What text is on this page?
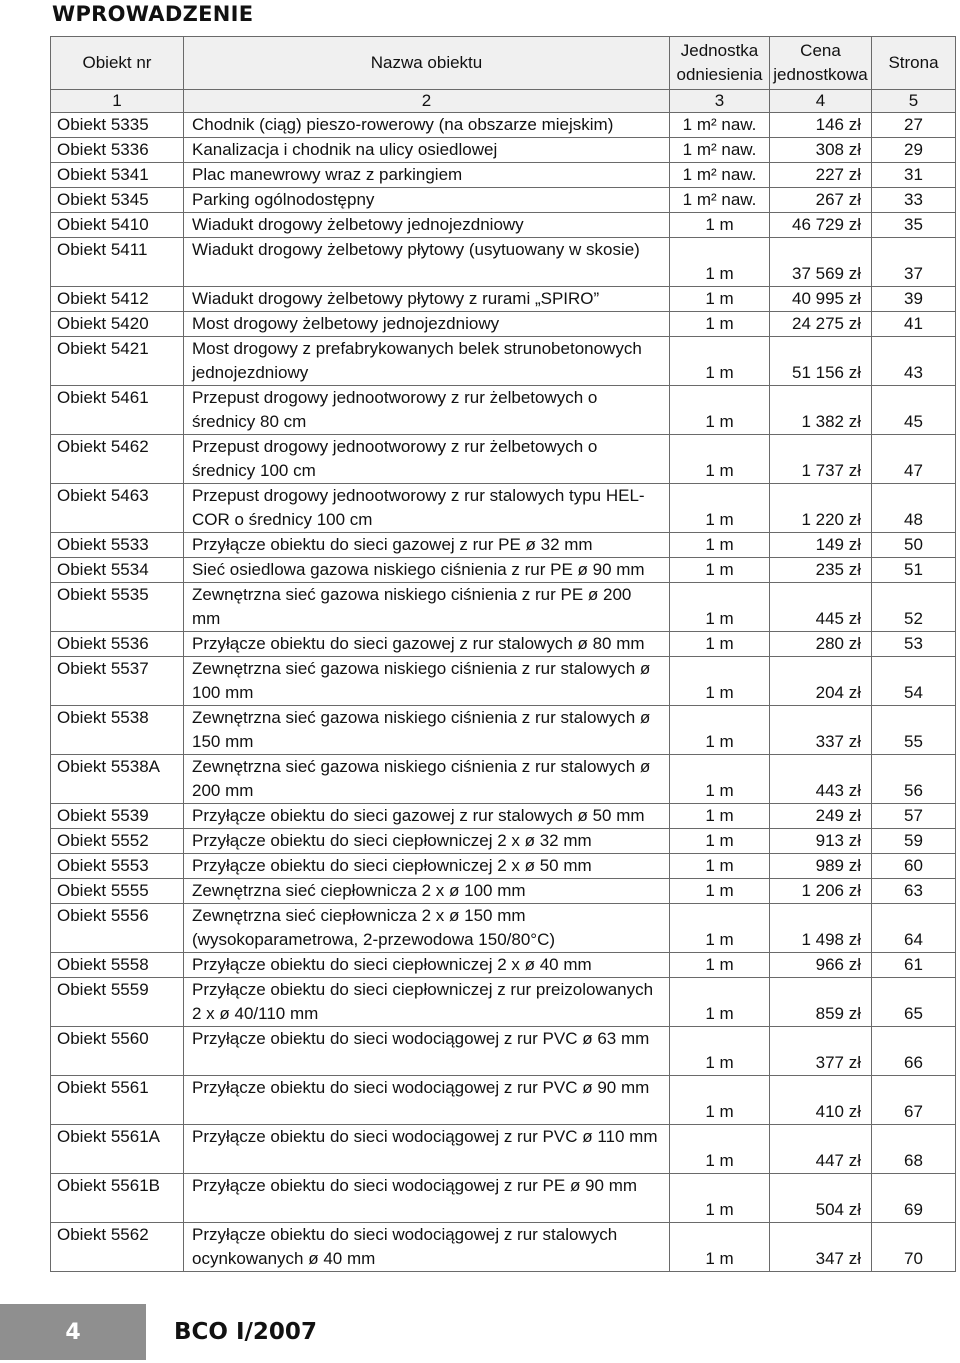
WPROWADZENIE
Obiekt nr	Nazwa obiektu	Jednostka odniesienia	Cena jednostkowa	Strona
1	2	3	4	5
Obiekt 5335	Chodnik (ciąg) pieszo-rowerowy (na obszarze miejskim)	1 m² naw.	146 zł	27
Obiekt 5336	Kanalizacja i chodnik na ulicy osiedlowej	1 m² naw.	308 zł	29
Obiekt 5341	Plac manewrowy wraz z parkingiem	1 m² naw.	227 zł	31
Obiekt 5345	Parking ogólnodostępny	1 m² naw.	267 zł	33
Obiekt 5410	Wiadukt drogowy żelbetowy jednojezdniowy	1 m	46 729 zł	35
Obiekt 5411	Wiadukt drogowy żelbetowy płytowy (usytuowany w skosie)	1 m	37 569 zł	37
Obiekt 5412	Wiadukt drogowy żelbetowy płytowy z rurami „SPIRO”	1 m	40 995 zł	39
Obiekt 5420	Most drogowy żelbetowy jednojezdniowy	1 m	24 275 zł	41
Obiekt 5421	Most drogowy z prefabrykowanych belek strunobetonowych jednojezdniowy	1 m	51 156 zł	43
Obiekt 5461	Przepust drogowy jednootworowy z rur żelbetowych o średnicy 80 cm	1 m	1 382 zł	45
Obiekt 5462	Przepust drogowy jednootworowy z rur żelbetowych o średnicy 100 cm	1 m	1 737 zł	47
Obiekt 5463	Przepust drogowy jednootworowy z rur stalowych typu HEL-COR o średnicy 100 cm	1 m	1 220 zł	48
Obiekt 5533	Przyłącze obiektu do sieci gazowej z rur PE ø 32 mm	1 m	149 zł	50
Obiekt 5534	Sieć osiedlowa gazowa niskiego ciśnienia z rur PE ø 90 mm	1 m	235 zł	51
Obiekt 5535	Zewnętrzna sieć gazowa niskiego ciśnienia z rur PE ø 200 mm	1 m	445 zł	52
Obiekt 5536	Przyłącze obiektu do sieci gazowej z rur stalowych ø 80 mm	1 m	280 zł	53
Obiekt 5537	Zewnętrzna sieć gazowa niskiego ciśnienia z rur stalowych ø 100 mm	1 m	204 zł	54
Obiekt 5538	Zewnętrzna sieć gazowa niskiego ciśnienia z rur stalowych ø 150 mm	1 m	337 zł	55
Obiekt 5538A	Zewnętrzna sieć gazowa niskiego ciśnienia z rur stalowych ø 200 mm	1 m	443 zł	56
Obiekt 5539	Przyłącze obiektu do sieci gazowej z rur stalowych ø 50 mm	1 m	249 zł	57
Obiekt 5552	Przyłącze obiektu do sieci ciepłowniczej 2 x ø 32 mm	1 m	913 zł	59
Obiekt 5553	Przyłącze obiektu do sieci ciepłowniczej 2 x ø 50 mm	1 m	989 zł	60
Obiekt 5555	Zewnętrzna sieć ciepłownicza 2 x ø 100 mm	1 m	1 206 zł	63
Obiekt 5556	Zewnętrzna sieć ciepłownicza 2 x ø 150 mm (wysokoparametrowa, 2-przewodowa 150/80°C)	1 m	1 498 zł	64
Obiekt 5558	Przyłącze obiektu do sieci ciepłowniczej 2 x ø 40 mm	1 m	966 zł	61
Obiekt 5559	Przyłącze obiektu do sieci ciepłowniczej z rur preizolowanych 2 x ø 40/110 mm	1 m	859 zł	65
Obiekt 5560	Przyłącze obiektu do sieci wodociągowej z rur PVC ø 63 mm	1 m	377 zł	66
Obiekt 5561	Przyłącze obiektu do sieci wodociągowej z rur PVC ø 90 mm	1 m	410 zł	67
Obiekt 5561A	Przyłącze obiektu do sieci wodociągowej z rur PVC ø 110 mm	1 m	447 zł	68
Obiekt 5561B	Przyłącze obiektu do sieci wodociągowej z rur PE ø 90 mm	1 m	504 zł	69
Obiekt 5562	Przyłącze obiektu do sieci wodociągowej z rur stalowych ocynkowanych ø 40 mm	1 m	347 zł	70
4	BCO I/2007
